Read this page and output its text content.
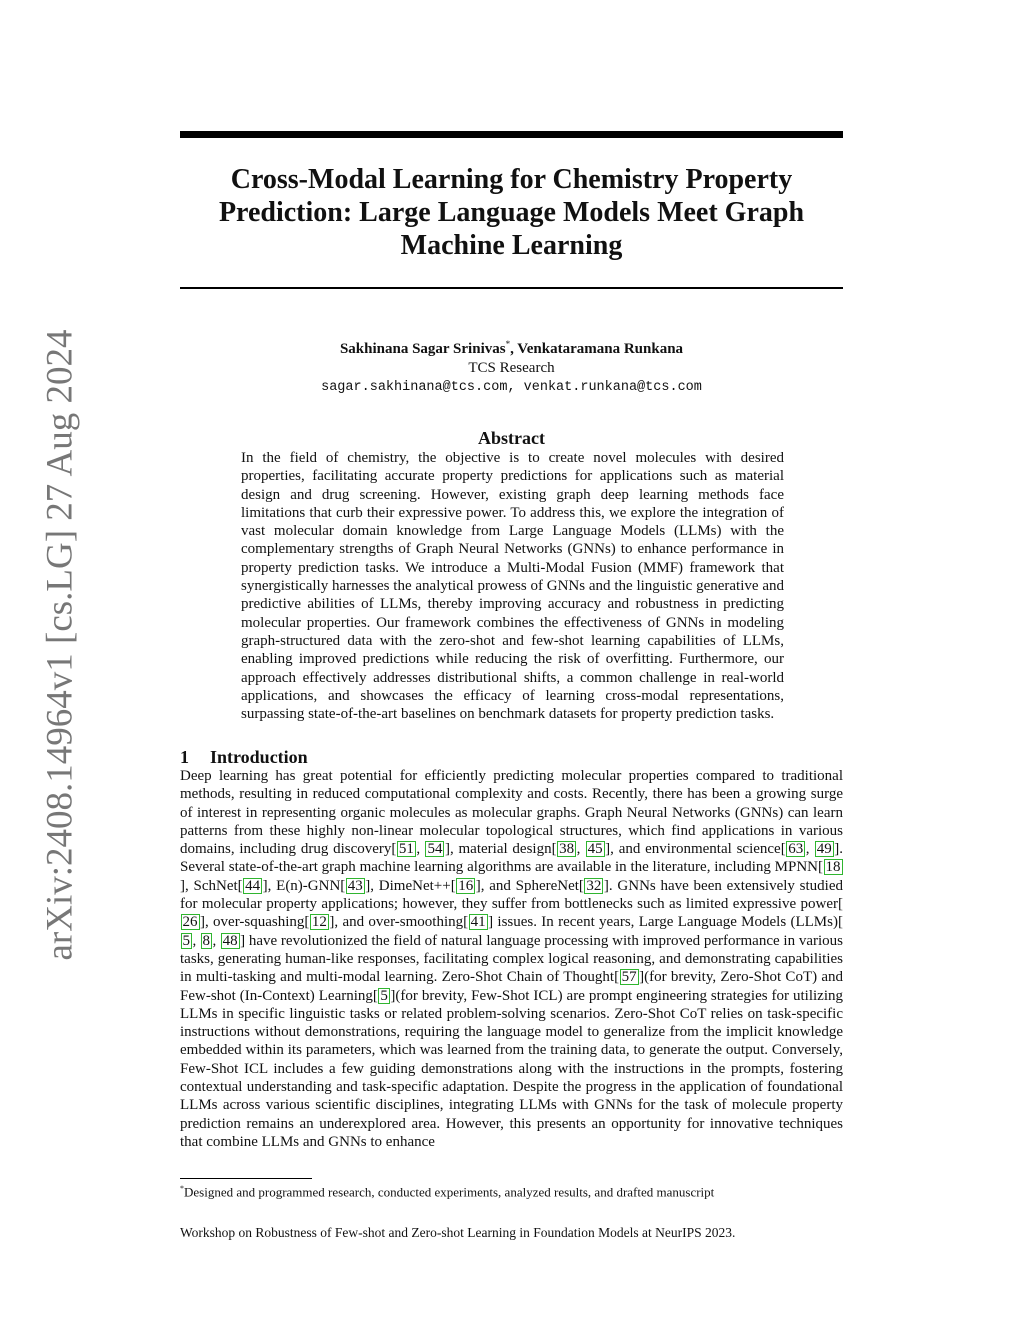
arXiv:2408.14964v1 [cs.LG] 27 Aug 2024
Cross-Modal Learning for Chemistry Property Prediction: Large Language Models Meet Graph Machine Learning
Sakhinana Sagar Srinivas*, Venkataramana Runkana
TCS Research
sagar.sakhinana@tcs.com, venkat.runkana@tcs.com
Abstract

In the field of chemistry, the objective is to create novel molecules with desired properties, facilitating accurate property predictions for applications such as material design and drug screening. However, existing graph deep learning methods face limitations that curb their expressive power. To address this, we explore the integration of vast molecular domain knowledge from Large Language Models (LLMs) with the complementary strengths of Graph Neural Networks (GNNs) to enhance performance in property prediction tasks. We introduce a Multi-Modal Fusion (MMF) framework that synergistically harnesses the analytical prowess of GNNs and the linguistic generative and predictive abilities of LLMs, thereby improving accuracy and robustness in predicting molecular properties. Our framework combines the effectiveness of GNNs in modeling graph-structured data with the zero-shot and few-shot learning capabilities of LLMs, enabling improved predictions while reducing the risk of overfitting. Furthermore, our approach effectively addresses distributional shifts, a common challenge in real-world applications, and showcases the efficacy of learning cross-modal representations, surpassing state-of-the-art baselines on benchmark datasets for property prediction tasks.

1 Introduction

Deep learning has great potential for efficiently predicting molecular properties compared to traditional methods, resulting in reduced computational complexity and costs. Recently, there has been a growing surge of interest in representing organic molecules as molecular graphs. Graph Neural Networks (GNNs) can learn patterns from these highly non-linear molecular topological structures, which find applications in various domains, including drug discovery[ 51 , 54 ], material design[ 38 , 45 ], and environmental science[ 63 , 49 ]. Several state-of-the-art graph machine learning algorithms are available in the literature, including MPNN[ 18], SchNet[ 44 ], E(n)-GNN[ 43 ], DimeNet++[ 16 ], and SphereNet[ 32 ]. GNNs have been extensively studied for molecular property applications; however, they suffer from bottlenecks such as limited expressive power[26 ], over-squashing[ 12 ], and over-smoothing[ 41 ] issues. In recent years, Large Language Models (LLMs)[5 , 8 , 48 ] have revolutionized the field of natural language processing with improved performance in various tasks, generating human-like responses, facilitating complex logical reasoning, and demonstrating capabilities in multi-tasking and multi-modal learning. Zero-Shot Chain of Thought[ 57 ](for brevity, Zero-Shot CoT) and Few-shot (In-Context) Learning[ 5 ](for brevity, Few-Shot ICL) are prompt engineering strategies for utilizing LLMs in specific linguistic tasks or related problem-solving scenarios. Zero-Shot CoT relies on task-specific instructions without demonstrations, requiring the language model to generalize from the implicit knowledge embedded within its parameters, which was learned from the training data, to generate the output. Conversely, Few-Shot ICL includes a few guiding demonstrations along with the instructions in the prompts, fostering contextual understanding and task-specific adaptation. Despite the progress in the application of foundational LLMs across various scientific disciplines, integrating LLMs with GNNs for the task of molecule property prediction remains an underexplored area. However, this presents an opportunity for innovative techniques that combine LLMs and GNNs to enhance

*Designed and programmed research, conducted experiments, analyzed results, and drafted manuscript

Workshop on Robustness of Few-shot and Zero-shot Learning in Foundation Models at NeurIPS 2023.
